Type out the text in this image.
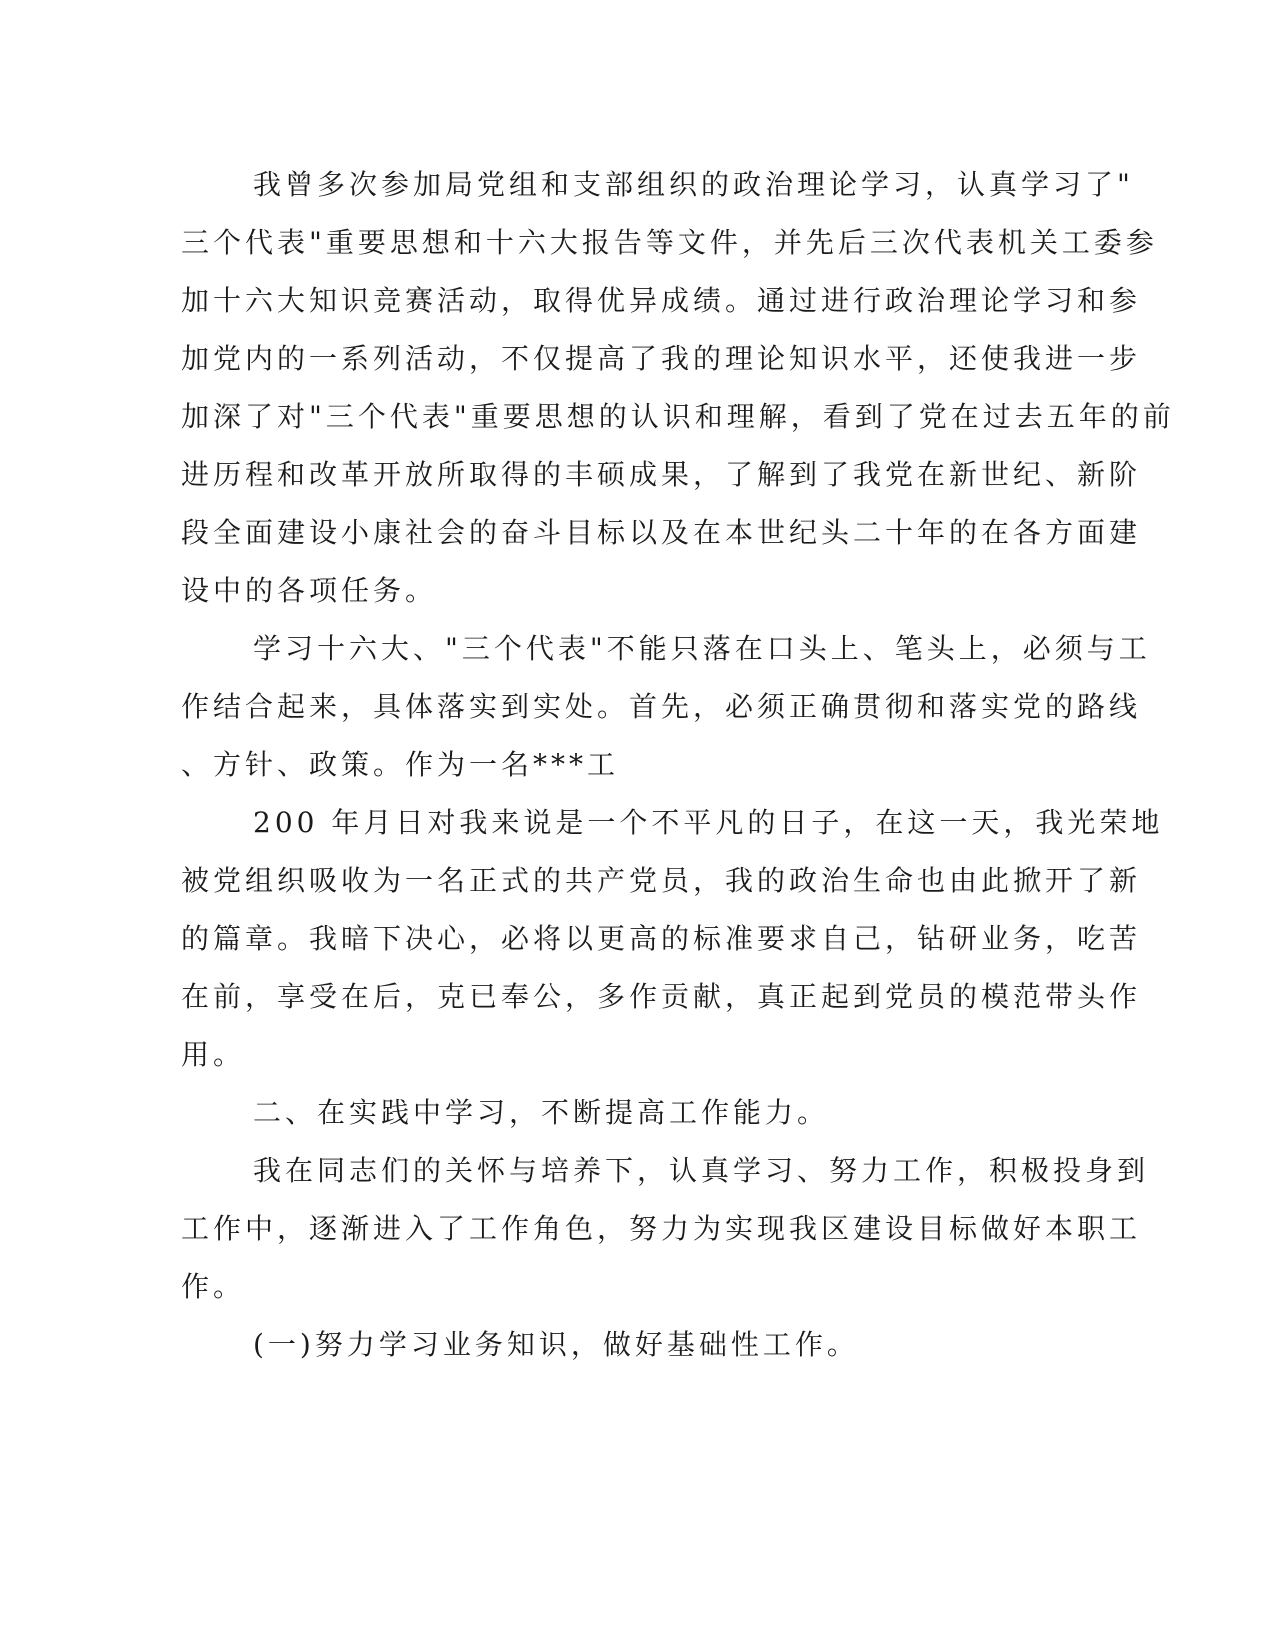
我曾多次参加局党组和支部组织的政治理论学习，认真学习了"
三个代表"重要思想和十六大报告等文件，并先后三次代表机关工委参
加十六大知识竞赛活动，取得优异成绩。通过进行政治理论学习和参
加党内的一系列活动，不仅提高了我的理论知识水平，还使我进一步
加深了对"三个代表"重要思想的认识和理解，看到了党在过去五年的前
进历程和改革开放所取得的丰硕成果，了解到了我党在新世纪、新阶
段全面建设小康社会的奋斗目标以及在本世纪头二十年的在各方面建
设中的各项任务。
学习十六大、"三个代表"不能只落在口头上、笔头上，必须与工
作结合起来，具体落实到实处。首先，必须正确贯彻和落实党的路线
、方针、政策。作为一名***工
200 年月日对我来说是一个不平凡的日子，在这一天，我光荣地
被党组织吸收为一名正式的共产党员，我的政治生命也由此掀开了新
的篇章。我暗下决心，必将以更高的标准要求自己，钻研业务，吃苦
在前，享受在后，克已奉公，多作贡献，真正起到党员的模范带头作
用。
二、在实践中学习，不断提高工作能力。
我在同志们的关怀与培养下，认真学习、努力工作，积极投身到
工作中，逐渐进入了工作角色，努力为实现我区建设目标做好本职工
作。
(一)努力学习业务知识，做好基础性工作。
